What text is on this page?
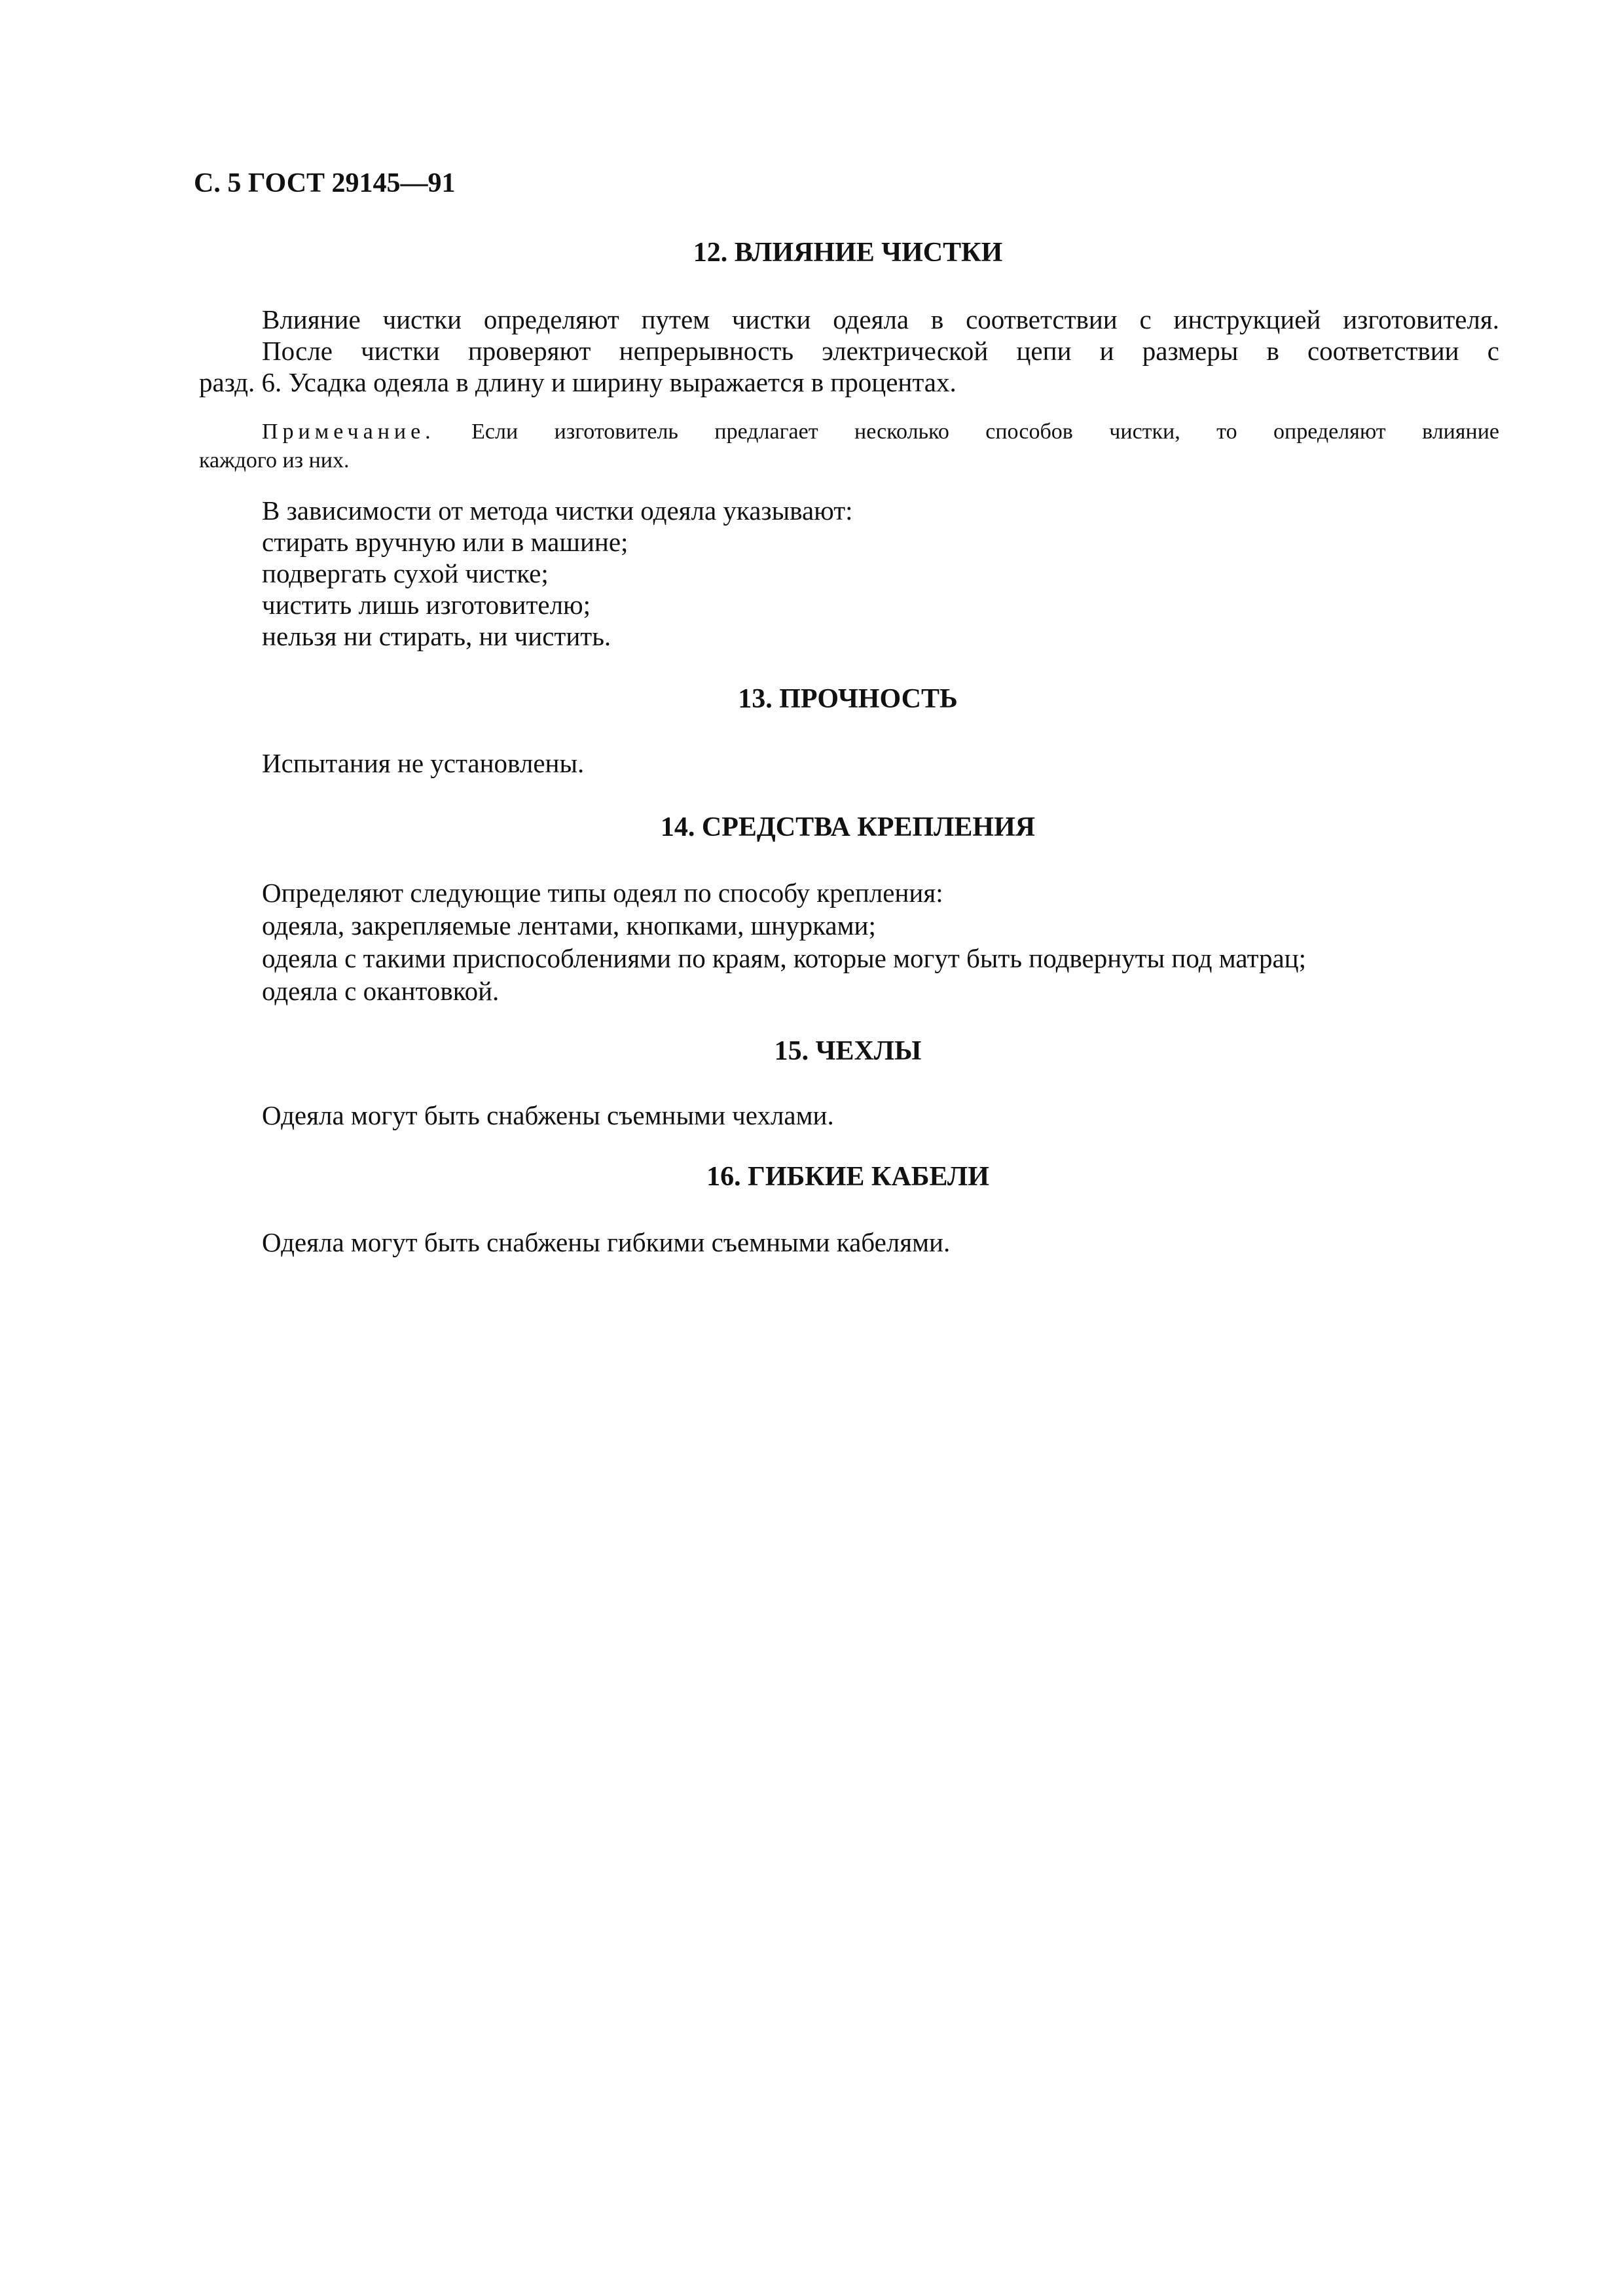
С. 5 ГОСТ 29145—91
12. ВЛИЯНИЕ ЧИСТКИ
Влияние чистки определяют путем чистки одеяла в соответствии с инструкцией изготовителя.
После чистки проверяют непрерывность электрической цепи и размеры в соответствии с
разд. 6. Усадка одеяла в длину и ширину выражается в процентах.
Примечание. Если изготовитель предлагает несколько способов чистки, то определяют влияние
каждого из них.
В зависимости от метода чистки одеяла указывают:
стирать вручную или в машине;
подвергать сухой чистке;
чистить лишь изготовителю;
нельзя ни стирать, ни чистить.
13. ПРОЧНОСТЬ
Испытания не установлены.
14. СРЕДСТВА КРЕПЛЕНИЯ
Определяют следующие типы одеял по способу крепления:
одеяла, закрепляемые лентами, кнопками, шнурками;
одеяла с такими приспособлениями по краям, которые могут быть подвернуты под матрац;
одеяла с окантовкой.
15. ЧЕХЛЫ
Одеяла могут быть снабжены съемными чехлами.
16. ГИБКИЕ КАБЕЛИ
Одеяла могут быть снабжены гибкими съемными кабелями.
